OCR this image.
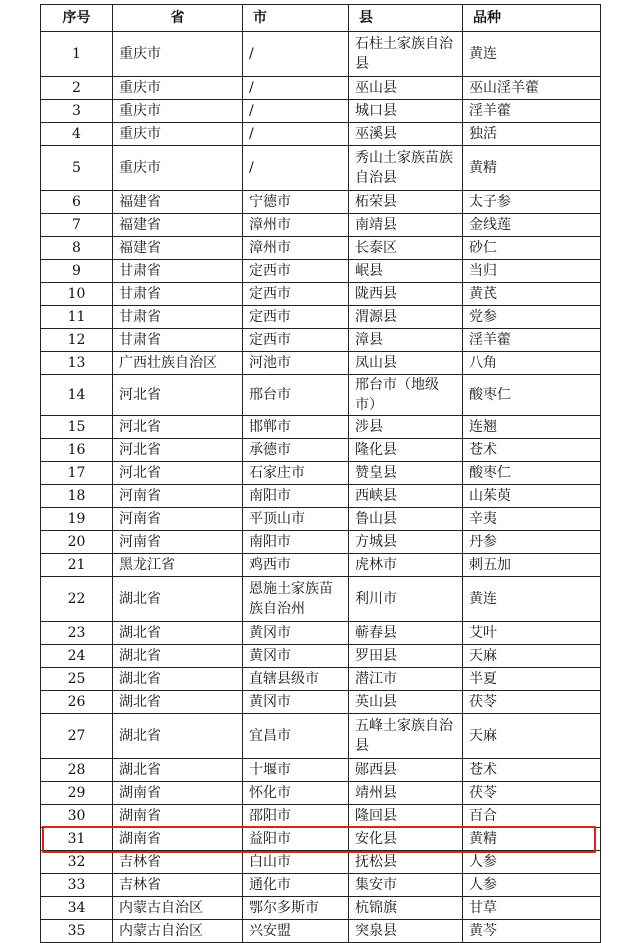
序号	省	市	县	品种
1	重庆市	/	石柱土家族自治县	黄连
2	重庆市	/	巫山县	巫山淫羊藿
3	重庆市	/	城口县	淫羊藿
4	重庆市	/	巫溪县	独活
5	重庆市	/	秀山土家族苗族自治县	黄精
6	福建省	宁德市	柘荣县	太子参
7	福建省	漳州市	南靖县	金线莲
8	福建省	漳州市	长泰区	砂仁
9	甘肃省	定西市	岷县	当归
10	甘肃省	定西市	陇西县	黄芪
11	甘肃省	定西市	渭源县	党参
12	甘肃省	定西市	漳县	淫羊藿
13	广西壮族自治区	河池市	凤山县	八角
14	河北省	邢台市	邢台市（地级市）	酸枣仁
15	河北省	邯郸市	涉县	连翘
16	河北省	承德市	隆化县	苍术
17	河北省	石家庄市	赞皇县	酸枣仁
18	河南省	南阳市	西峡县	山茱萸
19	河南省	平顶山市	鲁山县	辛夷
20	河南省	南阳市	方城县	丹参
21	黑龙江省	鸡西市	虎林市	刺五加
22	湖北省	恩施土家族苗族自治州	利川市	黄连
23	湖北省	黄冈市	蕲春县	艾叶
24	湖北省	黄冈市	罗田县	天麻
25	湖北省	直辖县级市	潜江市	半夏
26	湖北省	黄冈市	英山县	茯苓
27	湖北省	宜昌市	五峰土家族自治县	天麻
28	湖北省	十堰市	郧西县	苍术
29	湖南省	怀化市	靖州县	茯苓
30	湖南省	邵阳市	隆回县	百合
31	湖南省	益阳市	安化县	黄精
32	吉林省	白山市	抚松县	人参
33	吉林省	通化市	集安市	人参
34	内蒙古自治区	鄂尔多斯市	杭锦旗	甘草
35	内蒙古自治区	兴安盟	突泉县	黄芩
